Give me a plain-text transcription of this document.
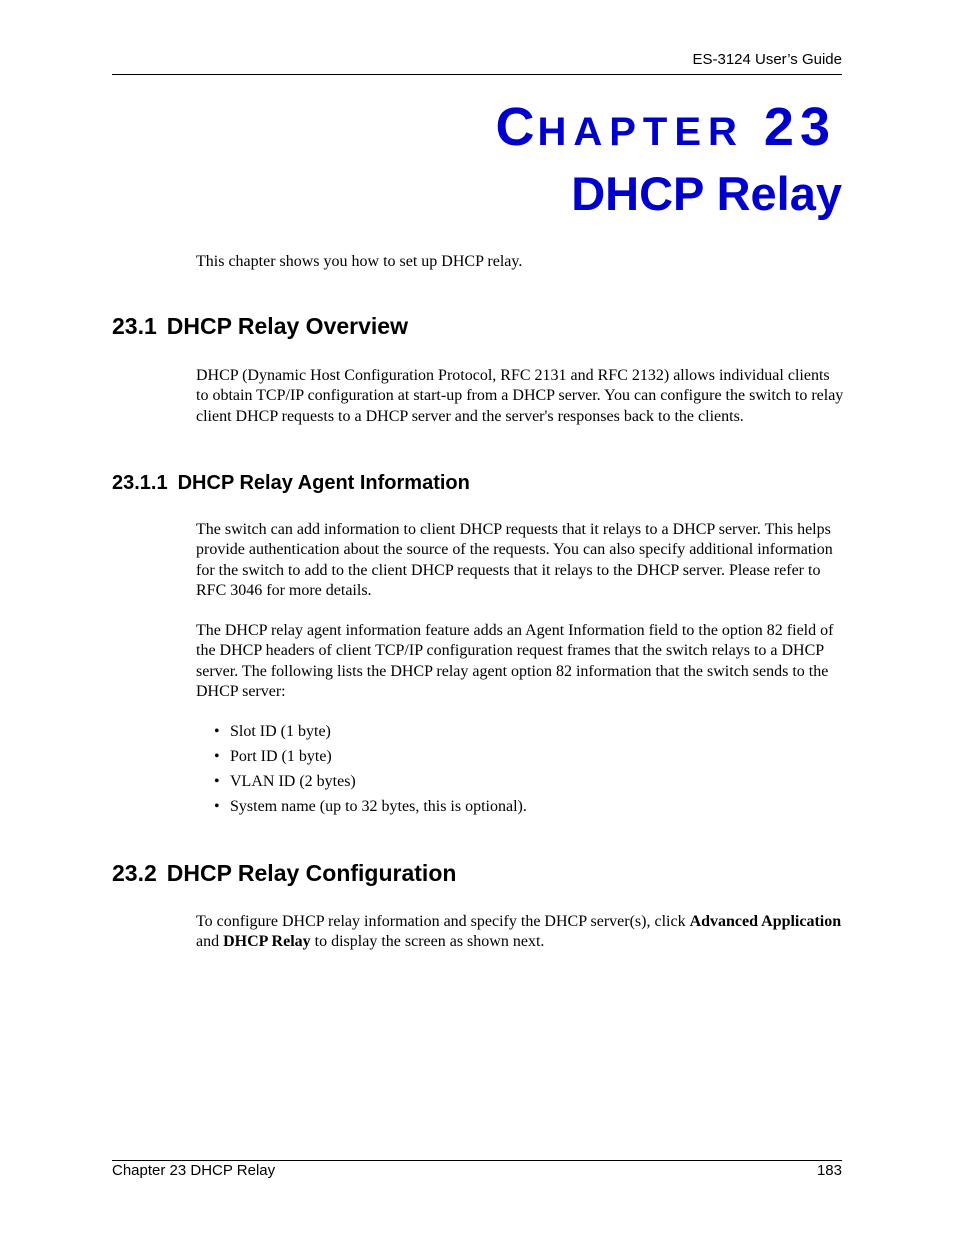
ES-3124 User’s Guide
CHAPTER 23
DHCP Relay
This chapter shows you how to set up DHCP relay.
23.1 DHCP Relay Overview
DHCP (Dynamic Host Configuration Protocol, RFC 2131 and RFC 2132) allows individual clients to obtain TCP/IP configuration at start-up from a DHCP server. You can configure the switch to relay client DHCP requests to a DHCP server and the server's responses back to the clients.
23.1.1 DHCP Relay Agent Information
The switch can add information to client DHCP requests that it relays to a DHCP server. This helps provide authentication about the source of the requests. You can also specify additional information for the switch to add to the client DHCP requests that it relays to the DHCP server. Please refer to RFC 3046 for more details.
The DHCP relay agent information feature adds an Agent Information field to the option 82 field of the DHCP headers of client TCP/IP configuration request frames that the switch relays to a DHCP server. The following lists the DHCP relay agent option 82 information that the switch sends to the DHCP server:
• Slot ID (1 byte)
• Port ID (1 byte)
• VLAN ID (2 bytes)
• System name (up to 32 bytes, this is optional).
23.2 DHCP Relay Configuration
To configure DHCP relay information and specify the DHCP server(s), click Advanced Application and DHCP Relay to display the screen as shown next.
Chapter 23 DHCP Relay	183
